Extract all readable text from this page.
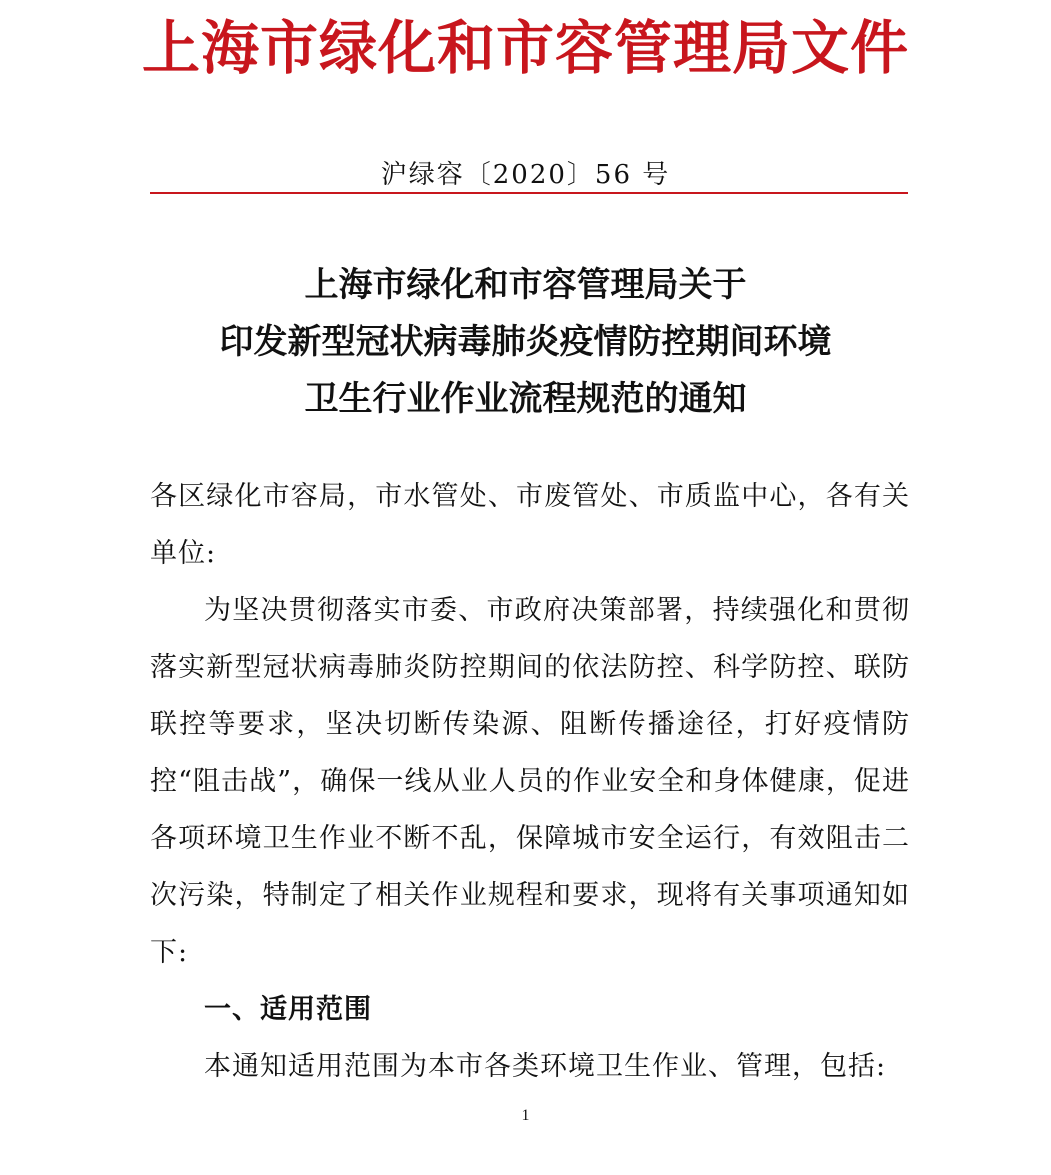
上海市绿化和市容管理局文件
沪绿容〔2020〕56 号
上海市绿化和市容管理局关于
印发新型冠状病毒肺炎疫情防控期间环境
卫生行业作业流程规范的通知

各区绿化市容局，市水管处、市废管处、市质监中心，各有关单位:

为坚决贯彻落实市委、市政府决策部署，持续强化和贯彻落实新型冠状病毒肺炎防控期间的依法防控、科学防控、联防联控等要求，坚决切断传染源、阻断传播途径，打好疫情防控“阻击战”，确保一线从业人员的作业安全和身体健康，促进各项环境卫生作业不断不乱，保障城市安全运行，有效阻击二次污染，特制定了相关作业规程和要求，现将有关事项通知如下:

一、适用范围

本通知适用范围为本市各类环境卫生作业、管理，包括:

1
